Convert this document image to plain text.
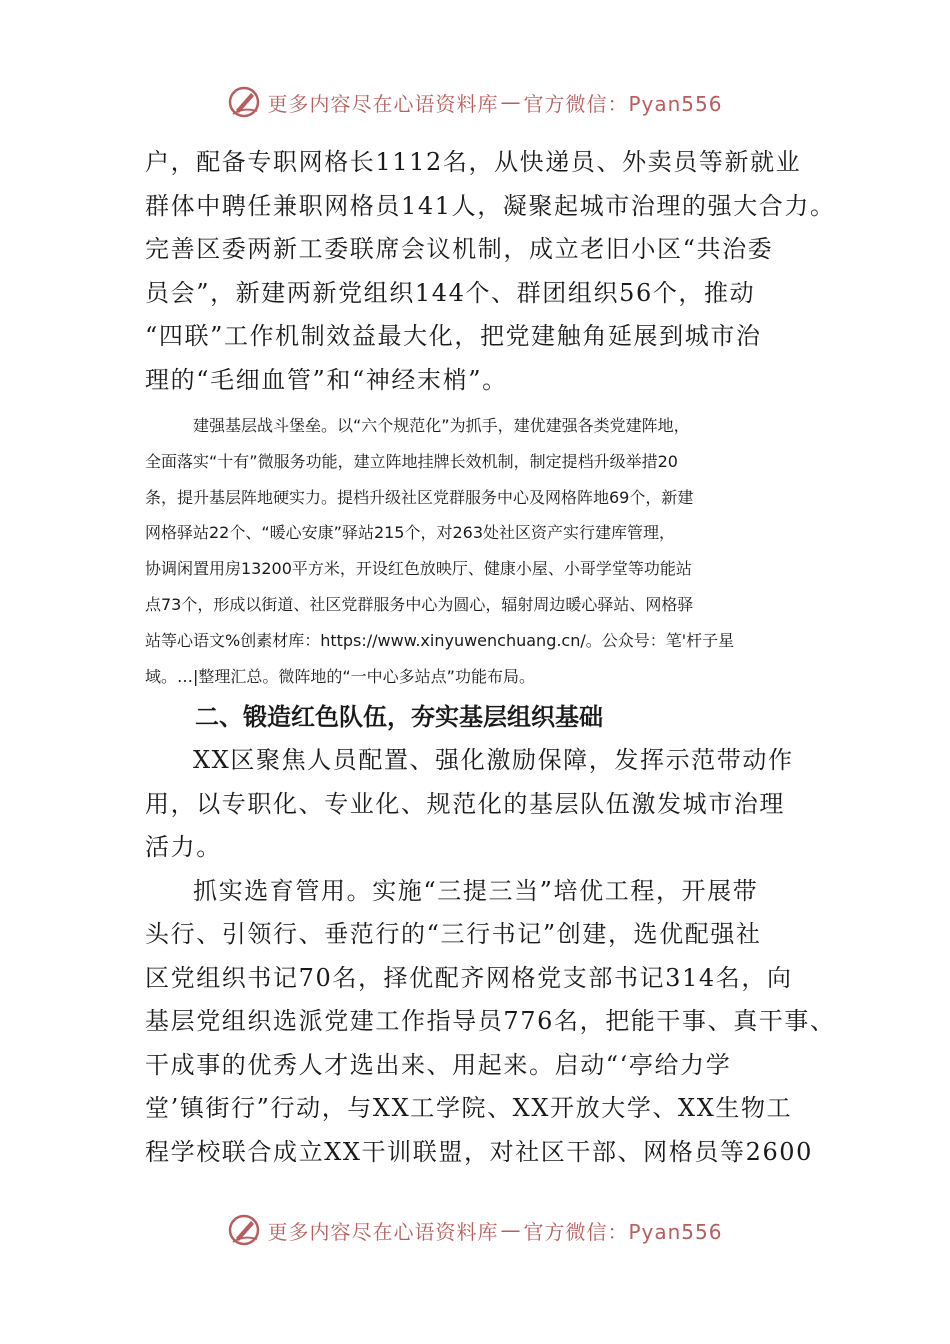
更多内容尽在心语资料库 — 官方微信：Pyan556
户，配备专职网格长1112名，从快递员、外卖员等新就业
群体中聘任兼职网格员141人，凝聚起城市治理的强大合力。
完善区委两新工委联席会议机制，成立老旧小区“共治委
员会”，新建两新党组织144个、群团组织56个，推动
“四联”工作机制效益最大化，把党建触角延展到城市治
理的“毛细血管”和“神经末梢”。
建强基层战斗堡垒。以“六个规范化”为抓手，建优建强各类党建阵地，
全面落实“十有”微服务功能，建立阵地挂牌长效机制，制定提档升级举措20
条，提升基层阵地硬实力。提档升级社区党群服务中心及网格阵地69个，新建
网格驿站22个、“暖心安康”驿站215个，对263处社区资产实行建库管理，
协调闲置用房13200平方米，开设红色放映厅、健康小屋、小哥学堂等功能站
点73个，形成以街道、社区党群服务中心为圆心，辐射周边暖心驿站、网格驿
站等心语文%创素材库：https://www.xinyuwenchuang.cn/。公众号：笔'杆子星
域。…|整理汇总。微阵地的“一中心多站点”功能布局。
二、锻造红色队伍，夯实基层组织基础
XX区聚焦人员配置、强化激励保障，发挥示范带动作
用，以专职化、专业化、规范化的基层队伍激发城市治理
活力。
抓实选育管用。实施“三提三当”培优工程，开展带
头行、引领行、垂范行的“三行书记”创建，选优配强社
区党组织书记70名，择优配齐网格党支部书记314名，向
基层党组织选派党建工作指导员776名，把能干事、真干事、
干成事的优秀人才选出来、用起来。启动“‘亭给力学
堂’镇街行”行动，与XX工学院、XX开放大学、XX生物工
程学校联合成立XX干训联盟，对社区干部、网格员等2600
更多内容尽在心语资料库 — 官方微信：Pyan556
